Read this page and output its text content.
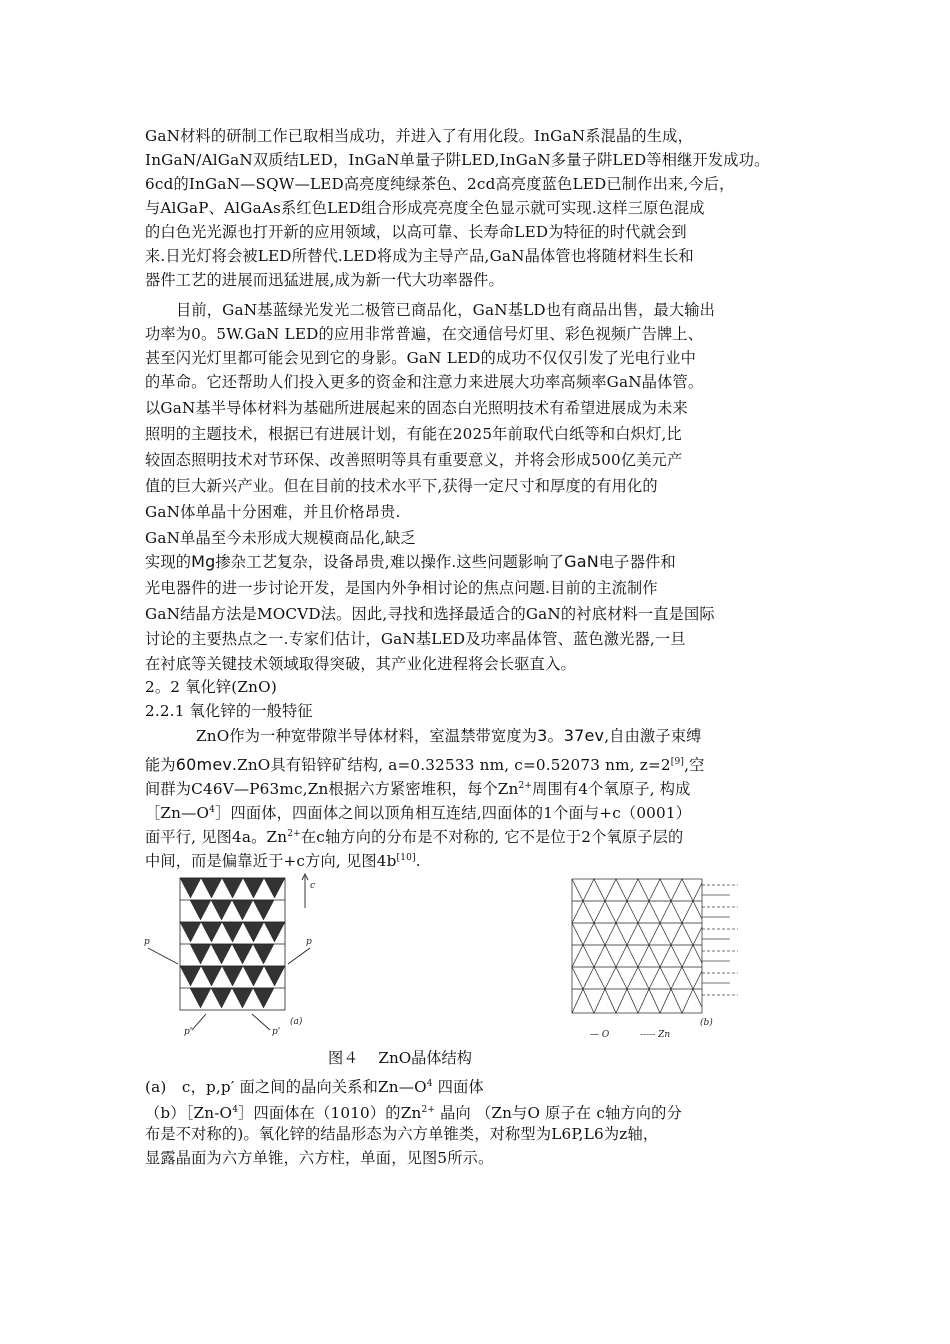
GaN材料的研制工作已取相当成功，并进入了有用化段。InGaN系混晶的生成，
InGaN/AlGaN双质结LED，InGaN单量子阱LED,InGaN多量子阱LED等相继开发成功。
6cd的InGaN—SQW—LED高亮度纯绿茶色、2cd高亮度蓝色LED已制作出来,今后，
与AlGaP、AlGaAs系红色LED组合形成亮亮度全色显示就可实现.这样三原色混成
的白色光光源也打开新的应用领域，以高可靠、长寿命LED为特征的时代就会到
来.日光灯将会被LED所替代.LED将成为主导产品,GaN晶体管也将随材料生长和
器件工艺的进展而迅猛进展,成为新一代大功率器件。
目前，GaN基蓝绿光发光二极管已商品化，GaN基LD也有商品出售，最大输出
功率为0。5W.GaN LED的应用非常普遍，在交通信号灯里、彩色视频广告牌上、
甚至闪光灯里都可能会见到它的身影。GaN LED的成功不仅仅引发了光电行业中
的革命。它还帮助人们投入更多的资金和注意力来进展大功率高频率GaN晶体管。
以GaN基半导体材料为基础所进展起来的固态白光照明技术有希望进展成为未来
照明的主题技术，根据已有进展计划，有能在2025年前取代白纸等和白炽灯,比
较固态照明技术对节环保、改善照明等具有重要意义，并将会形成500亿美元产
值的巨大新兴产业。但在目前的技术水平下,获得一定尺寸和厚度的有用化的
GaN体单晶十分困难，并且价格昂贵.
GaN单晶至今未形成大规模商品化,缺乏
实现的Mg掺杂工艺复杂，设备昂贵,难以操作.这些问题影响了GaN电子器件和
光电器件的进一步讨论开发，是国内外争相讨论的焦点问题.目前的主流制作
GaN结晶方法是MOCVD法。因此,寻找和选择最适合的GaN的衬底材料一直是国际
讨论的主要热点之一.专家们估计，GaN基LED及功率晶体管、蓝色激光器,一旦
在衬底等关键技术领域取得突破，其产业化进程将会长驱直入。
2。2 氧化锌(ZnO)
2.2.1 氧化锌的一般特征
ZnO作为一种宽带隙半导体材料，室温禁带宽度为3。37ev,自由激子束缚
能为60mev.ZnO具有铅锌矿结构, a=0.32533 nm, c=0.52073 nm, z=2[9],空
间群为C46V—P63mc,Zn根据六方紧密堆积，每个$Zn^{2+}$周围有4个氧原子, 构成
$[Zn—O^4]$四面体，四面体之间以顶角相互连结,四面体的1个面与+c（0001）
面平行, 见图4a。$Zn^{2+}$在c轴方向的分布是不对称的, 它不是位于2个氧原子层的
中间，而是偏靠近于+c方向, 见图4b[10].
c
p	p
p'	p'
(a)	(b)
— O	----- Zn
图４　 ZnO晶体结构
(a)　c，p,p′ 面之间的晶向关系和$Zn—O^4$ 四面体
$(b)[Zn-O^4]$四面体在（1010）的$Zn^{2+}$ 晶向 （Zn与O 原子在 c轴方向的分
布是不对称的)。氧化锌的结晶形态为六方单锥类，对称型为L6P,L6为z轴，
显露晶面为六方单锥，六方柱，单面，见图5所示。
